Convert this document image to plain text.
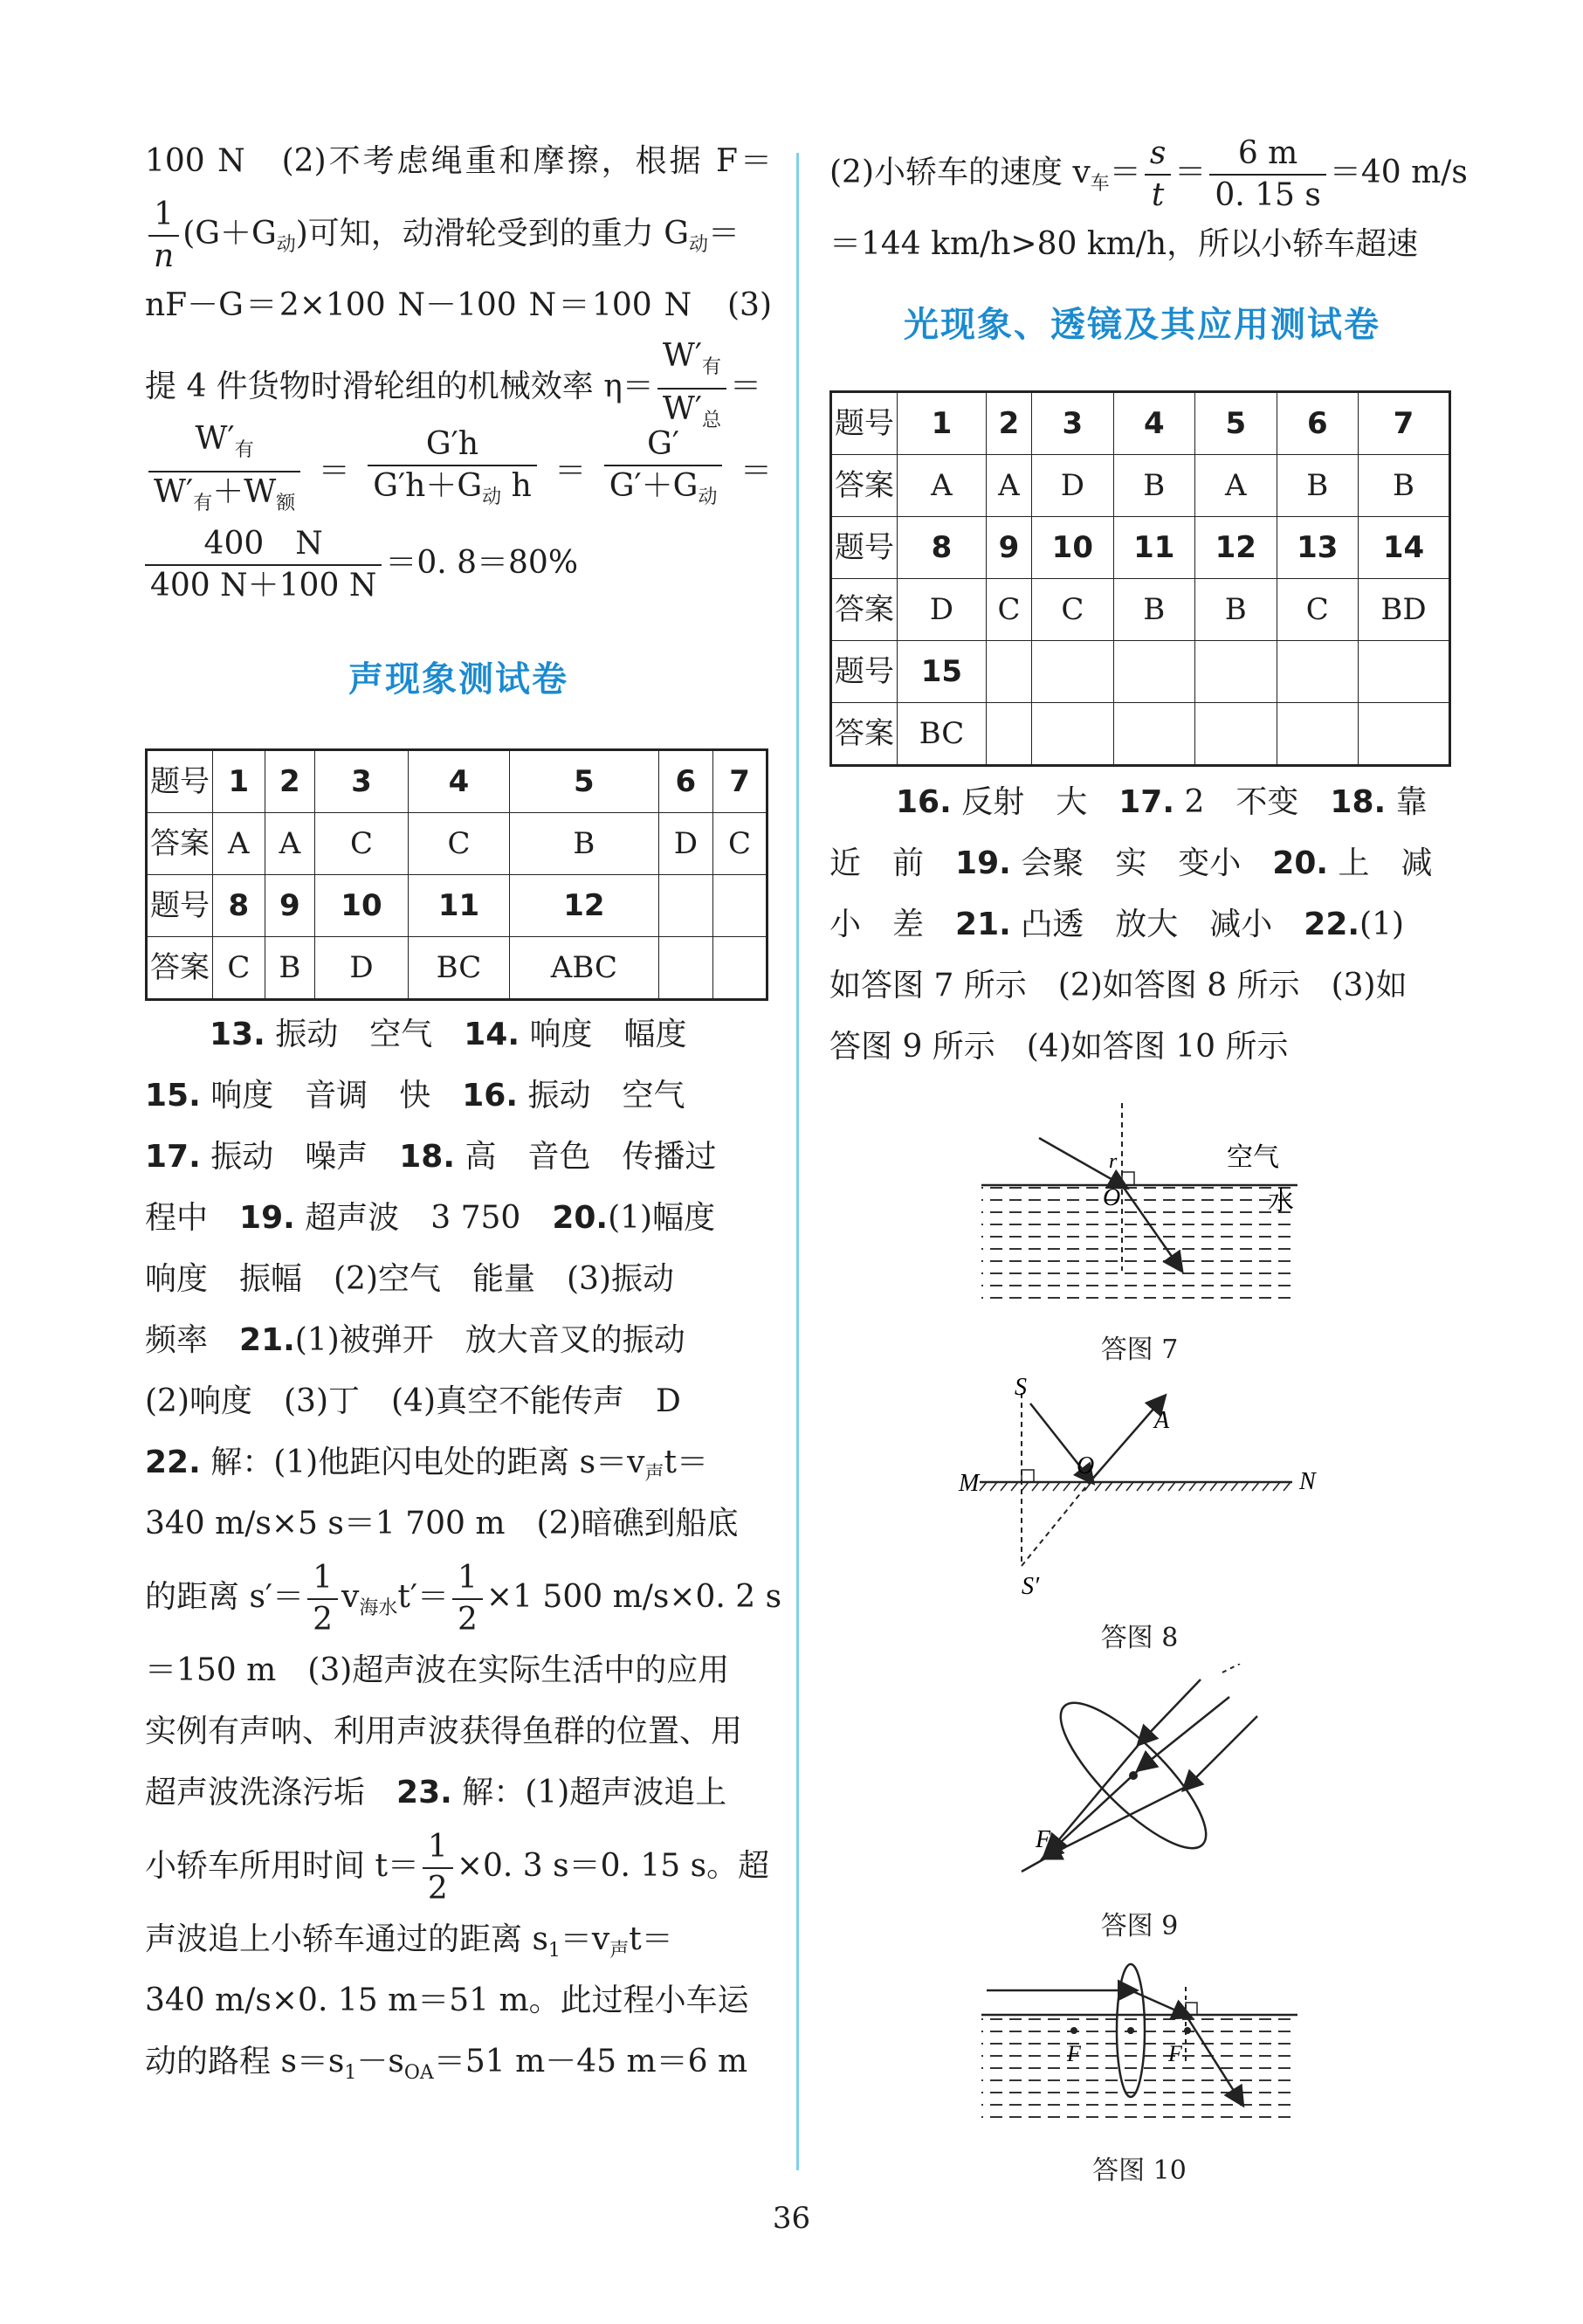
100 N　(2)不考虑绳重和摩擦，根据 F＝
$\frac{1}{n} (G+G_动)$可知，动滑轮受到的重力 $G_动=$
nF－G＝2×100 N－100 N＝100 N　(3)
提 4 件货物时滑轮组的机械效率 $\eta= \frac{W'_有}{W'_总}$ ＝
$\frac{W'_有}{W'_有+W_额} = \frac{G'h}{G'h+G_动 h} = \frac{G'}{G'+G_动}$ ＝
$\frac{400 N}{400 N+100 N} =0$. 8＝80%
声现象测试卷
题号	1	2	3	4	5	6	7
答案	A	A	C	C	B	D	C
题号	8	9	10	11	12		
答案	C	B	D	BC	ABC		
13. 振动　空气　14. 响度　幅度
15. 响度　音调　快　16. 振动　空气
17. 振动　噪声　18. 高　音色　传播过
程中　19. 超声波　3 750　20.(1)幅度
响度　振幅　(2)空气　能量　(3)振动
频率　21.(1)被弹开　放大音叉的振动
(2)响度　(3)丁　(4)真空不能传声　D
22. 解：(1)他距闪电处的距离 $s=v_声t=$
340 m/s×5 s＝1 700 m　(2)暗礁到船底
的距离 $s'= \frac{1}{2} v_{海水}t'= \frac{1}{2} \times 1$ 500 m/s×0. 2 s
＝150 m　(3)超声波在实际生活中的应用
实例有声呐、利用声波获得鱼群的位置、用
超声波洗涤污垢　23. 解：(1)超声波追上
小轿车所用时间 $t= \frac{1}{2} \times 0$. 3 s＝0. 15 s。超
声波追上小轿车通过的距离 $s_1=v_声t=$
340 m/s×0. 15 m＝51 m。此过程小车运
动的路程 $s=s_1-s_{OA}=51$ m－45 m＝6 m
(2)小轿车的速度 $v_车= \frac{s}{t} = \frac{6 m}{0. 15 s} =40$ m/s
＝144 km/h>80 km/h，所以小轿车超速
光现象、透镜及其应用测试卷
题号	1	2	3	4	5	6	7
答案	A	A	D	B	A	B	B
题号	8	9	10	11	12	13	14
答案	D	C	C	B	B	C	BD
题号	15						
答案	BC						
16. 反射　大　17. 2　不变　18. 靠
近　前　19. 会聚　实　变小　20. 上　减
小　差　21. 凸透　放大　减小　22.(1)
如答图 7 所示　(2)如答图 8 所示　(3)如
答图 9 所示　(4)如答图 10 所示
O
r	空气
水
答图 7
S
A
O
M	N
S′
答图 8
F
答图 9
F	F
答图 10
36
